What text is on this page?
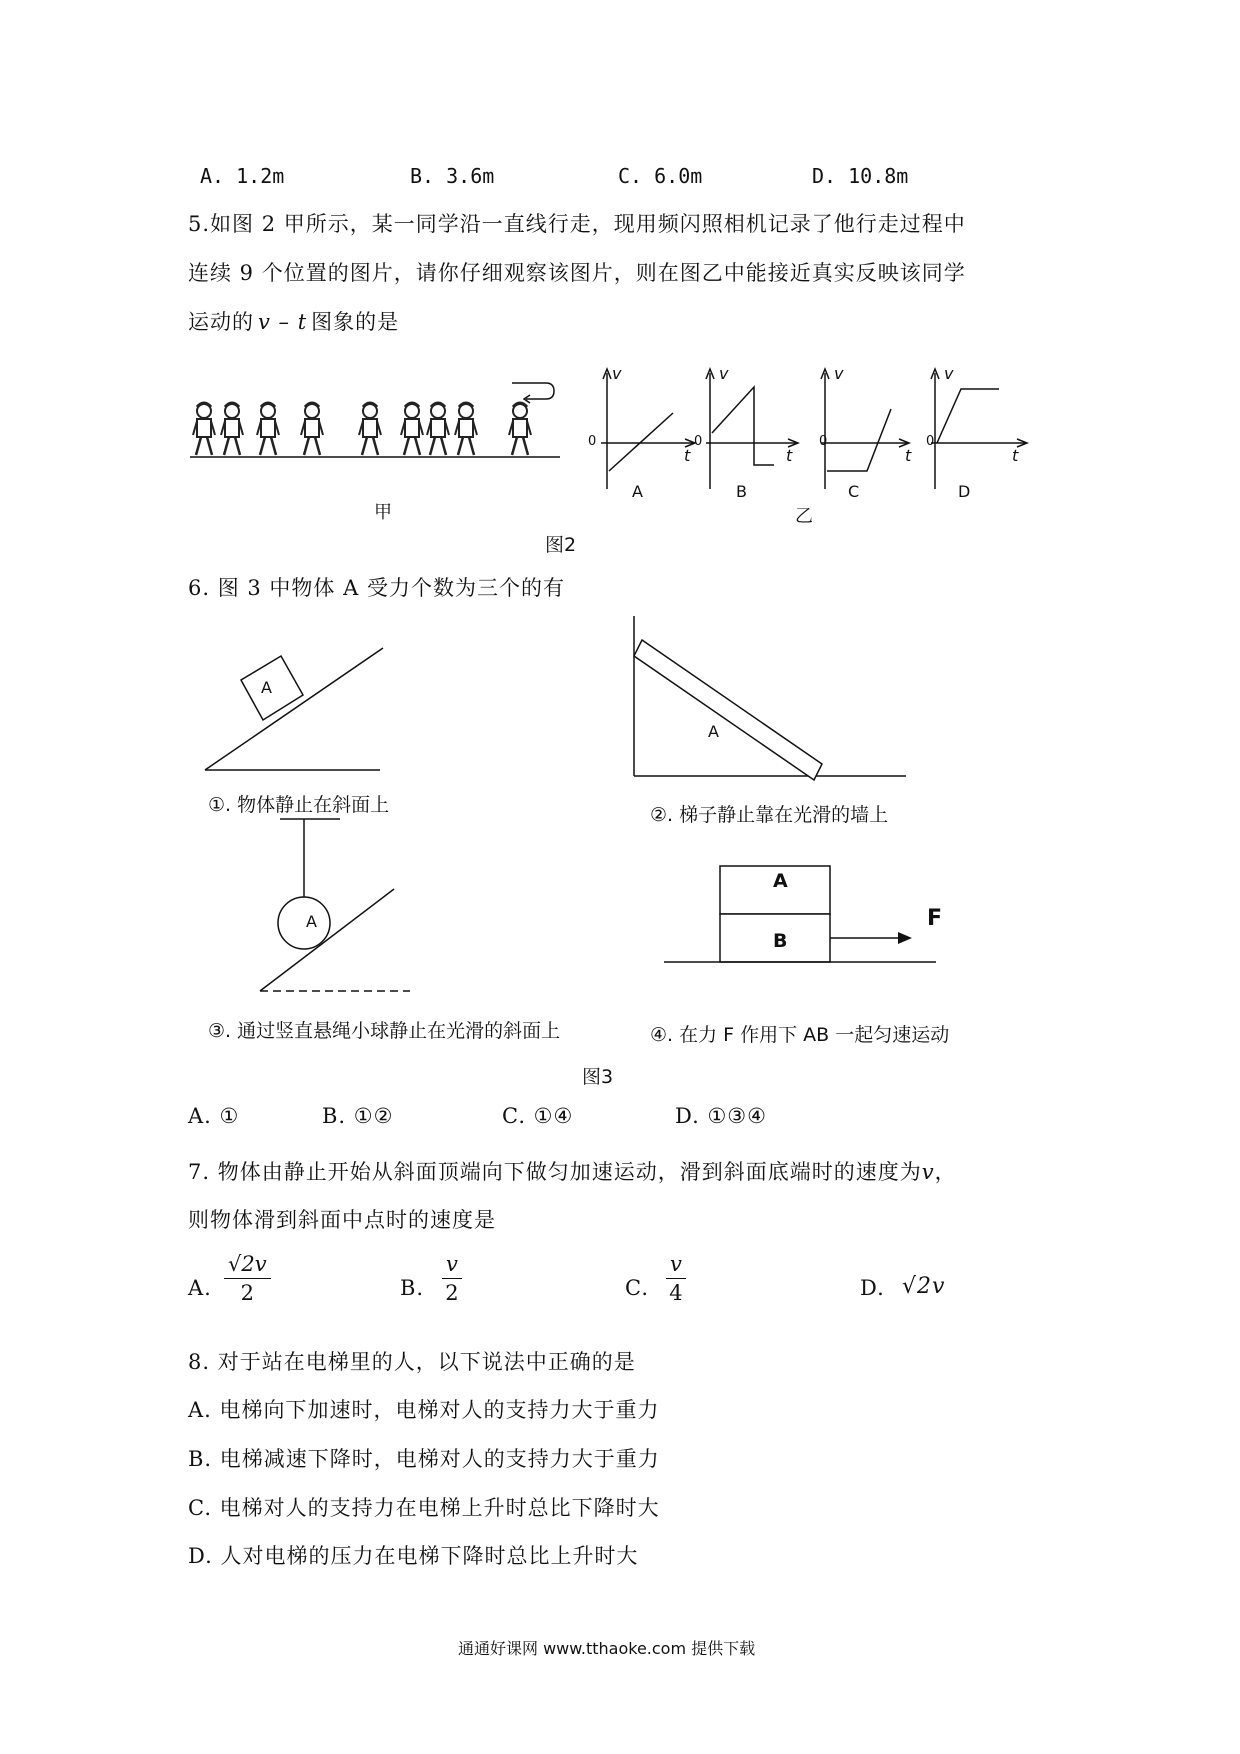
A. 1.2m	B. 3.6m	C. 6.0m	D. 10.8m
5.如图 2 甲所示，某一同学沿一直线行走，现用频闪照相机记录了他行走过程中
连续 9 个位置的图片，请你仔细观察该图片，则在图乙中能接近真实反映该同学
运动的 v – t 图象的是
甲
v
0
t
A
v
0
t
B
v
0
t
C
v
0
t
D
乙
图2
6. 图 3 中物体 A 受力个数为三个的有
A
①. 物体静止在斜面上
A
②. 梯子静止靠在光滑的墙上
A
③. 通过竖直悬绳小球静止在光滑的斜面上
A
B
F
④. 在力 F 作用下 AB 一起匀速运动
图3
A. ①	B. ①②	C. ①④	D. ①③④
7. 物体由静止开始从斜面顶端向下做匀加速运动，滑到斜面底端时的速度为v，
则物体滑到斜面中点时的速度是
A. $\frac{√2v}{2}$	B. $\frac{v}{2}$	C. $\frac{v}{4}$	D. √2v
8. 对于站在电梯里的人，以下说法中正确的是
A. 电梯向下加速时，电梯对人的支持力大于重力
B. 电梯减速下降时，电梯对人的支持力大于重力
C. 电梯对人的支持力在电梯上升时总比下降时大
D. 人对电梯的压力在电梯下降时总比上升时大
通通好课网 www.tthaoke.com 提供下载
